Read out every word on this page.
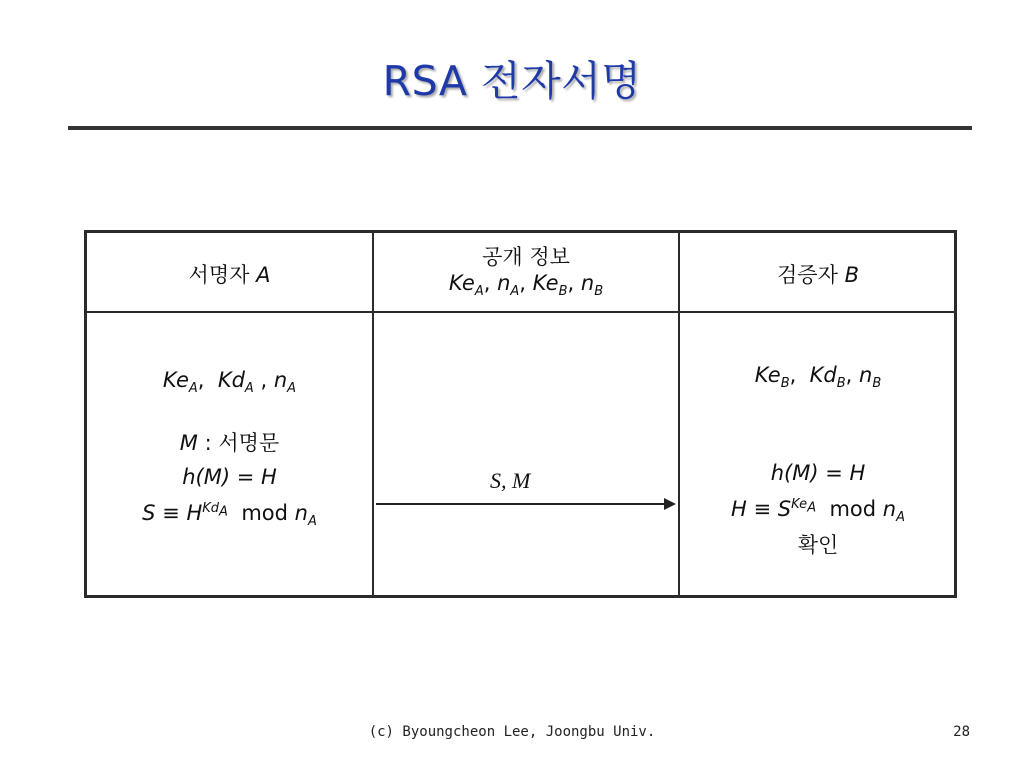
RSA 전자서명
서명자 A
공개 정보
$Ke_A$, $n_A$, $Ke_B$, $n_B$
검증자 B
$Ke_A$,  $Kd_A$ , $n_A$
M : 서명문
h(M) = H
$S \equiv H^{Kd_A}$ mod $n_A$
S, M
$Ke_B$,  $Kd_B$, $n_B$
h(M) = H
$H \equiv S^{Ke_A}$ mod $n_A$
확인
(c) Byoungcheon Lee, Joongbu Univ.	28
